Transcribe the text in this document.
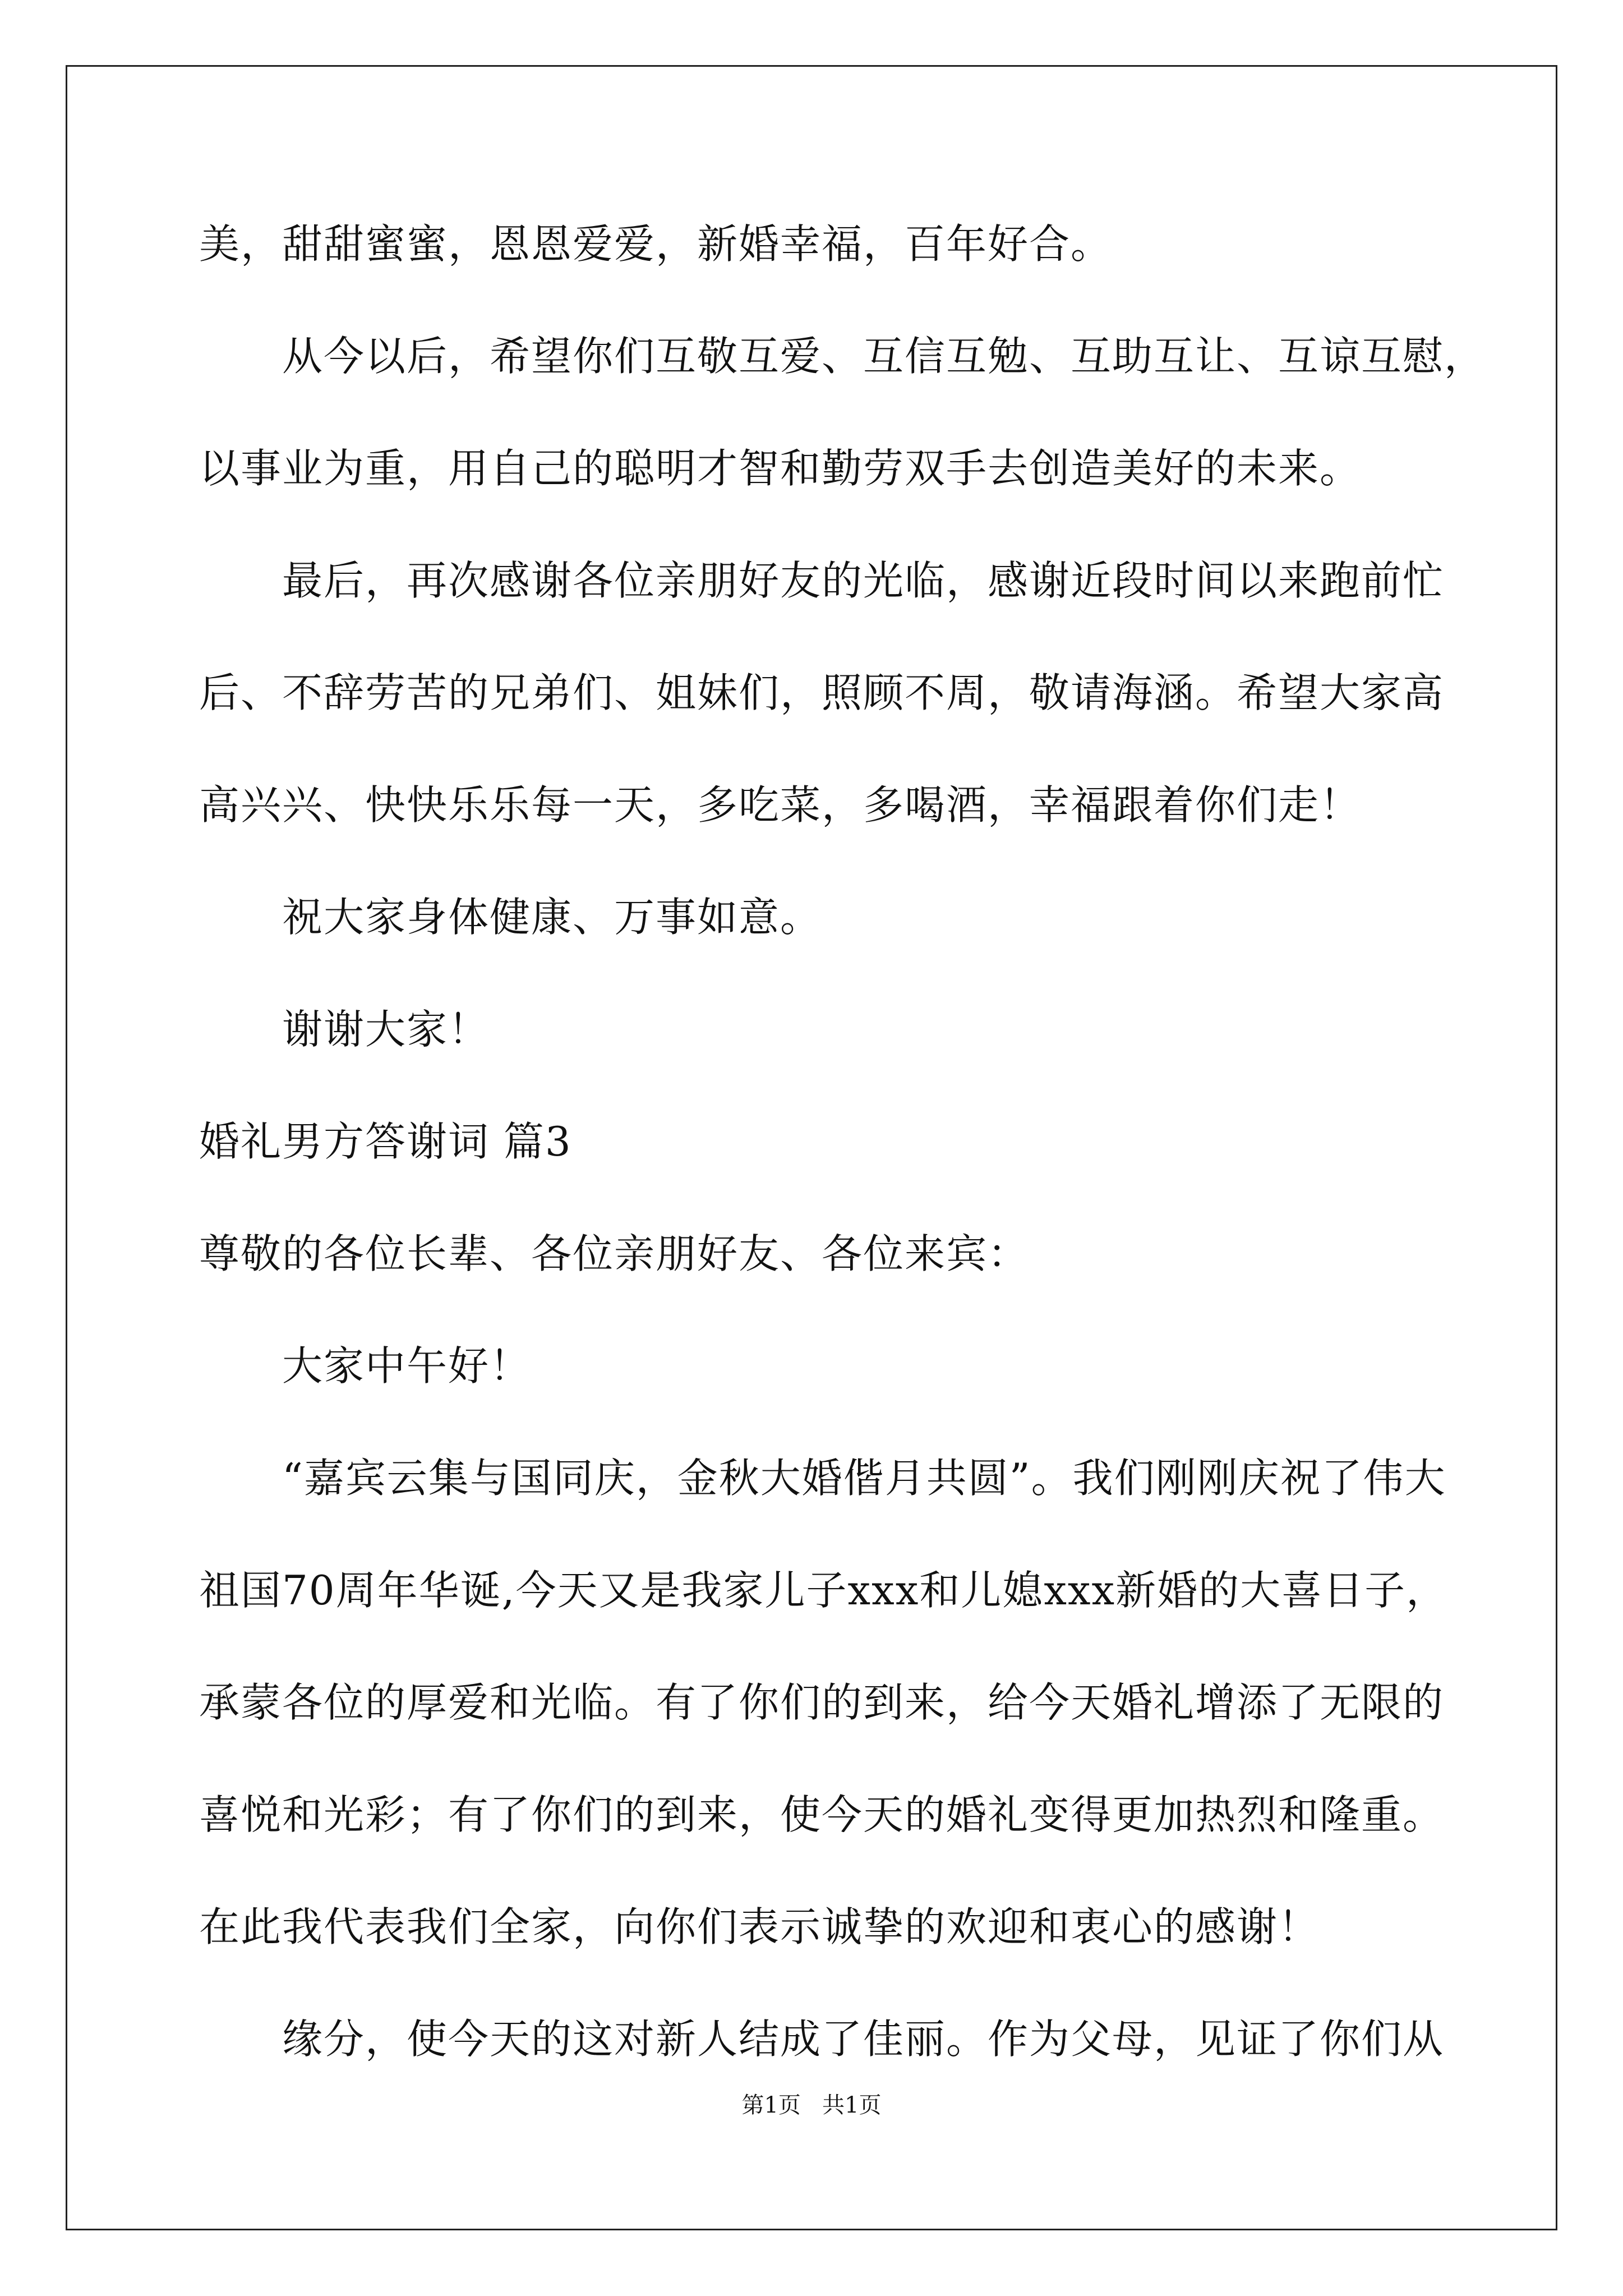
美，甜甜蜜蜜，恩恩爱爱，新婚幸福，百年好合。
从今以后，希望你们互敬互爱、互信互勉、互助互让、互谅互慰，
以事业为重，用自己的聪明才智和勤劳双手去创造美好的未来。
最后，再次感谢各位亲朋好友的光临，感谢近段时间以来跑前忙
后、不辞劳苦的兄弟们、姐妹们，照顾不周，敬请海涵。希望大家高
高兴兴、快快乐乐每一天，多吃菜，多喝酒，幸福跟着你们走！
祝大家身体健康、万事如意。
谢谢大家！
婚礼男方答谢词 篇3
尊敬的各位长辈、各位亲朋好友、各位来宾：
大家中午好！
“嘉宾云集与国同庆，金秋大婚偕月共圆”。我们刚刚庆祝了伟大
祖国70周年华诞,今天又是我家儿子xxx和儿媳xxx新婚的大喜日子，
承蒙各位的厚爱和光临。有了你们的到来，给今天婚礼增添了无限的
喜悦和光彩；有了你们的到来，使今天的婚礼变得更加热烈和隆重。
在此我代表我们全家，向你们表示诚挚的欢迎和衷心的感谢！
缘分，使今天的这对新人结成了佳丽。作为父母，见证了你们从
第1页   共1页
